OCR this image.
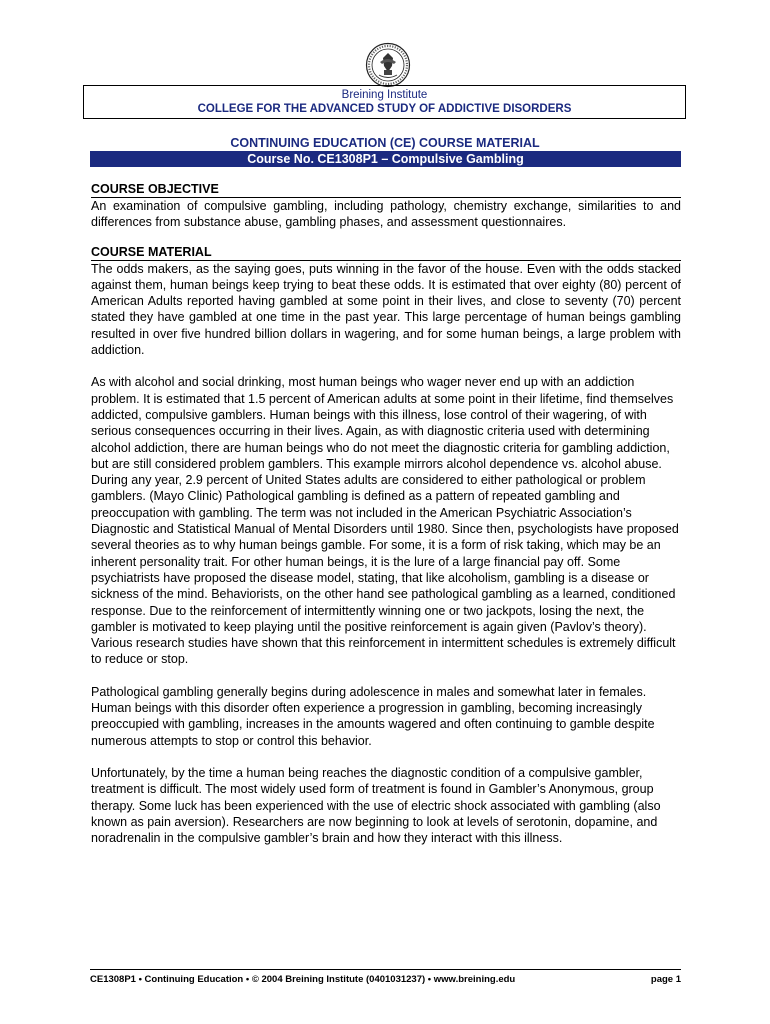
Breining Institute
COLLEGE FOR THE ADVANCED STUDY OF ADDICTIVE DISORDERS
CONTINUING EDUCATION (CE) COURSE MATERIAL
Course No. CE1308P1 – Compulsive Gambling
COURSE OBJECTIVE

An examination of compulsive gambling, including pathology, chemistry exchange, similarities to and differences from substance abuse, gambling phases, and assessment questionnaires.

COURSE MATERIAL

The odds makers, as the saying goes, puts winning in the favor of the house. Even with the odds stacked against them, human beings keep trying to beat these odds. It is estimated that over eighty (80) percent of American Adults reported having gambled at some point in their lives, and close to seventy (70) percent stated they have gambled at one time in the past year. This large percentage of human beings gambling resulted in over five hundred billion dollars in wagering, and for some human beings, a large problem with addiction.

As with alcohol and social drinking, most human beings who wager never end up with an addiction problem. It is estimated that 1.5 percent of American adults at some point in their lifetime, find themselves addicted, compulsive gamblers. Human beings with this illness, lose control of their wagering, of with serious consequences occurring in their lives. Again, as with diagnostic criteria used with determining alcohol addiction, there are human beings who do not meet the diagnostic criteria for gambling addiction, but are still considered problem gamblers. This example mirrors alcohol dependence vs. alcohol abuse. During any year, 2.9 percent of United States adults are considered to either pathological or problem gamblers. (Mayo Clinic) Pathological gambling is defined as a pattern of repeated gambling and preoccupation with gambling. The term was not included in the American Psychiatric Association’s Diagnostic and Statistical Manual of Mental Disorders until 1980. Since then, psychologists have proposed several theories as to why human beings gamble. For some, it is a form of risk taking, which may be an inherent personality trait. For other human beings, it is the lure of a large financial pay off. Some psychiatrists have proposed the disease model, stating, that like alcoholism, gambling is a disease or sickness of the mind. Behaviorists, on the other hand see pathological gambling as a learned, conditioned response. Due to the reinforcement of intermittently winning one or two jackpots, losing the next, the gambler is motivated to keep playing until the positive reinforcement is again given (Pavlov’s theory). Various research studies have shown that this reinforcement in intermittent schedules is extremely difficult to reduce or stop.

Pathological gambling generally begins during adolescence in males and somewhat later in females. Human beings with this disorder often experience a progression in gambling, becoming increasingly preoccupied with gambling, increases in the amounts wagered and often continuing to gamble despite numerous attempts to stop or control this behavior.

Unfortunately, by the time a human being reaches the diagnostic condition of a compulsive gambler, treatment is difficult. The most widely used form of treatment is found in Gambler’s Anonymous, group therapy. Some luck has been experienced with the use of electric shock associated with gambling (also known as pain aversion). Researchers are now beginning to look at levels of serotonin, dopamine, and noradrenalin in the compulsive gambler’s brain and how they interact with this illness.

CE1308P1 • Continuing Education • © 2004 Breining Institute (0401031237) • www.breining.edu	page 1
